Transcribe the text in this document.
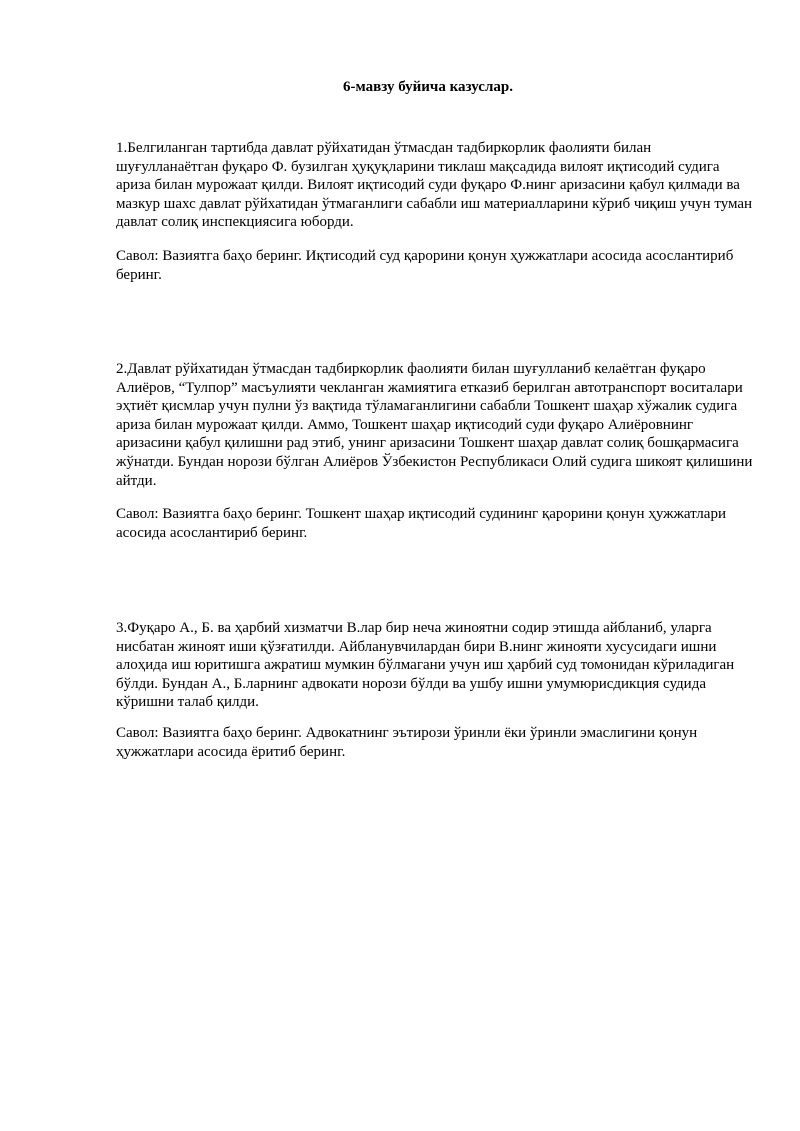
6-мавзу буйича казуслар.

1.Белгиланган тартибда давлат рўйхатидан ўтмасдан тадбиркорлик фаолияти билан шуғулланаётган фуқаро Ф. бузилган ҳуқуқларини тиклаш мақсадида вилоят иқтисодий судига ариза билан мурожаат қилди. Вилоят иқтисодий суди фуқаро Ф.нинг аризасини қабул қилмади ва мазкур шахс давлат рўйхатидан ўтмаганлиги сабабли иш материалларини кўриб чиқиш учун туман давлат солиқ инспекциясига юборди.

Савол: Вазиятга баҳо беринг. Иқтисодий суд қарорини қонун ҳужжатлари асосида асослантириб беринг.

2.Давлат рўйхатидан ўтмасдан тадбиркорлик фаолияти билан шуғулланиб келаётган фуқаро Алиёров, “Тулпор” масъулияти чекланган жамиятига етказиб берилган автотранспорт воситалари эҳтиёт қисмлар учун пулни ўз вақтида тўламаганлигини сабабли Тошкент шаҳар хўжалик судига ариза билан мурожаат қилди. Аммо, Тошкент шаҳар иқтисодий суди фуқаро Алиёровнинг аризасини қабул қилишни рад этиб, унинг аризасини Тошкент шаҳар давлат солиқ бошқармасига жўнатди. Бундан норози бўлган Алиёров Ўзбекистон Республикаси Олий судига шикоят қилишини айтди.

Савол: Вазиятга баҳо беринг. Тошкент шаҳар иқтисодий судининг қарорини қонун ҳужжатлари асосида асослантириб беринг.

3.Фуқаро А., Б. ва ҳарбий хизматчи В.лар бир неча жиноятни содир этишда айбланиб, уларга нисбатан жиноят иши қўзғатилди. Айбланувчилардан бири В.нинг жинояти хусусидаги ишни алоҳида иш юритишга ажратиш мумкин бўлмагани учун иш ҳарбий суд томонидан кўриладиган бўлди. Бундан А., Б.ларнинг адвокати норози бўлди ва ушбу ишни умумюрисдикция судида кўришни талаб қилди.

Савол: Вазиятга баҳо беринг. Адвокатнинг эътирози ўринли ёки ўринли эмаслигини қонун ҳужжатлари асосида ёритиб беринг.
